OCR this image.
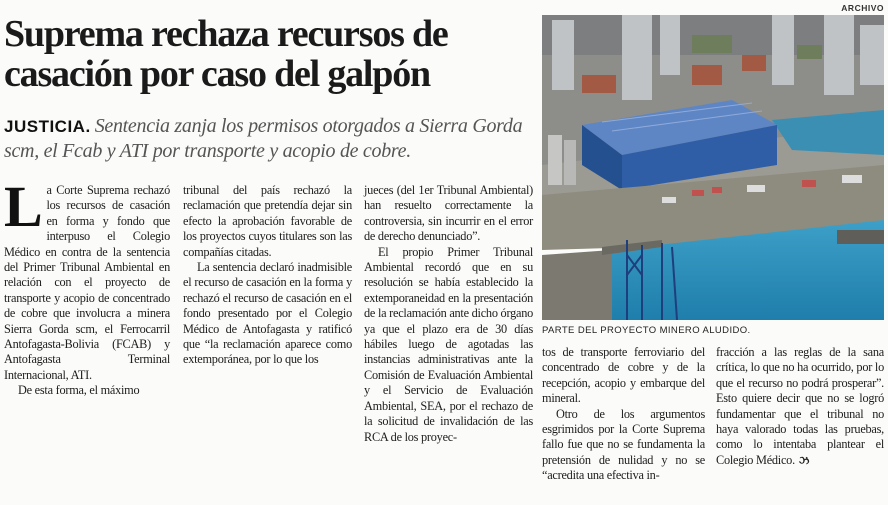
Suprema rechaza recursos de casación por caso del galpón

JUSTICIA. Sentencia zanja los permisos otorgados a Sierra Gorda scm, el Fcab y ATI por transporte y acopio de cobre.

L a Corte Suprema rechazó los recursos de casación en forma y fondo que interpuso el Colegio Médico en contra de la sentencia del Primer Tribunal Ambiental en relación con el proyecto de transporte y acopio de concentrado de cobre que involucra a minera Sierra Gorda scm, el Ferrocarril Antofagasta-Bolivia (FCAB) y Antofagasta Terminal Internacional, ATI.

De esta forma, el máximo

tribunal del país rechazó la reclamación que pretendía dejar sin efecto la aprobación favorable de los proyectos cuyos titulares son las compañías citadas.

La sentencia declaró inadmisible el recurso de casación en la forma y rechazó el recurso de casación en el fondo presentado por el Colegio Médico de Antofagasta y ratificó que “la reclamación aparece como extemporánea, por lo que los

jueces (del 1er Tribunal Ambiental) han resuelto correctamente la controversia, sin incurrir en el error de derecho denunciado”.

El propio Primer Tribunal Ambiental recordó que en su resolución se había establecido la extemporaneidad en la presentación de la reclamación ante dicho órgano ya que el plazo era de 30 días hábiles luego de agotadas las instancias administrativas ante la Comisión de Evaluación Ambiental y el Servicio de Evaluación Ambiental, SEA, por el rechazo de la solicitud de invalidación de las RCA de los proyec-

ARCHIVO
PARTE DEL PROYECTO MINERO ALUDIDO.

tos de transporte ferroviario del concentrado de cobre y de la recepción, acopio y embarque del mineral.

Otro de los argumentos esgrimidos por la Corte Suprema fallo fue que no se fundamenta la pretensión de nulidad y no se “acredita una efectiva in-

fracción a las reglas de la sana crítica, lo que no ha ocurrido, por lo que el recurso no podrá prosperar”. Esto quiere decir que no se logró fundamentar que el tribunal no haya valorado todas las pruebas, como lo intentaba plantear el Colegio Médico. ઝ
